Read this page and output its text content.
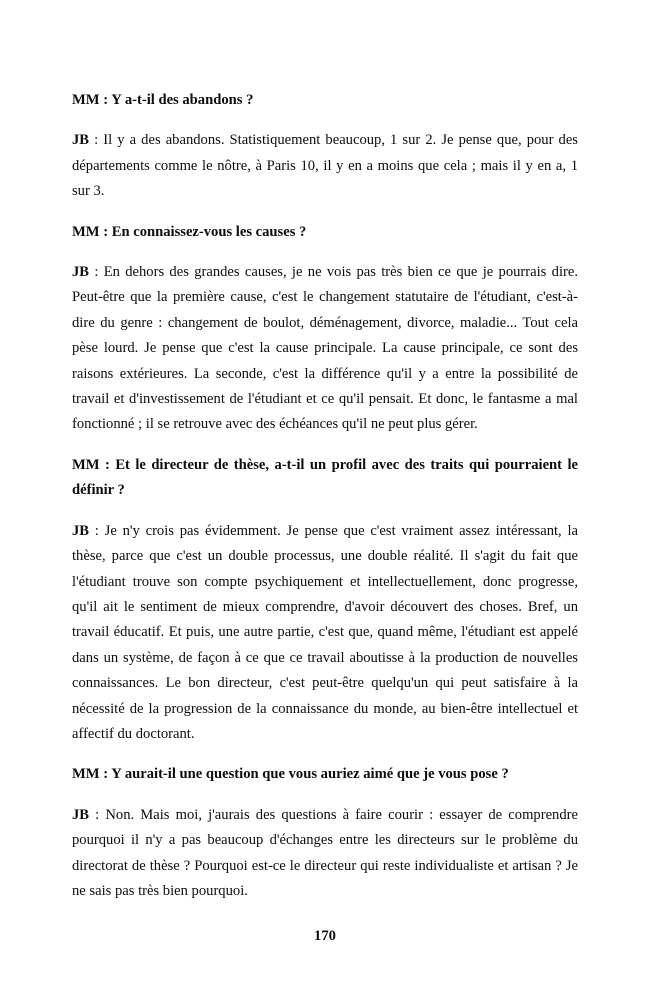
MM : Y a-t-il des abandons ?

JB : Il y a des abandons. Statistiquement beaucoup, 1 sur 2. Je pense que, pour des départements comme le nôtre, à Paris 10, il y en a moins que cela ; mais il y en a, 1 sur 3.

MM : En connaissez-vous les causes ?

JB : En dehors des grandes causes, je ne vois pas très bien ce que je pourrais dire. Peut-être que la première cause, c'est le changement statutaire de l'étudiant, c'est-à-dire du genre : changement de boulot, déménagement, divorce, maladie... Tout cela pèse lourd. Je pense que c'est la cause principale. La cause principale, ce sont des raisons extérieures. La seconde, c'est la différence qu'il y a entre la possibilité de travail et d'investissement de l'étudiant et ce qu'il pensait. Et donc, le fantasme a mal fonctionné ; il se retrouve avec des échéances qu'il ne peut plus gérer.

MM : Et le directeur de thèse, a-t-il un profil avec des traits qui pourraient le définir ?

JB : Je n'y crois pas évidemment. Je pense que c'est vraiment assez intéressant, la thèse, parce que c'est un double processus, une double réalité. Il s'agit du fait que l'étudiant trouve son compte psychiquement et intellectuellement, donc progresse, qu'il ait le sentiment de mieux comprendre, d'avoir découvert des choses. Bref, un travail éducatif. Et puis, une autre partie, c'est que, quand même, l'étudiant est appelé dans un système, de façon à ce que ce travail aboutisse à la production de nouvelles connaissances. Le bon directeur, c'est peut-être quelqu'un qui peut satisfaire à la nécessité de la progression de la connaissance du monde, au bien-être intellectuel et affectif du doctorant.

MM : Y aurait-il une question que vous auriez aimé que je vous pose ?

JB : Non. Mais moi, j'aurais des questions à faire courir : essayer de comprendre pourquoi il n'y a pas beaucoup d'échanges entre les directeurs sur le problème du directorat de thèse ? Pourquoi est-ce le directeur qui reste individualiste et artisan ? Je ne sais pas très bien pourquoi.

170
